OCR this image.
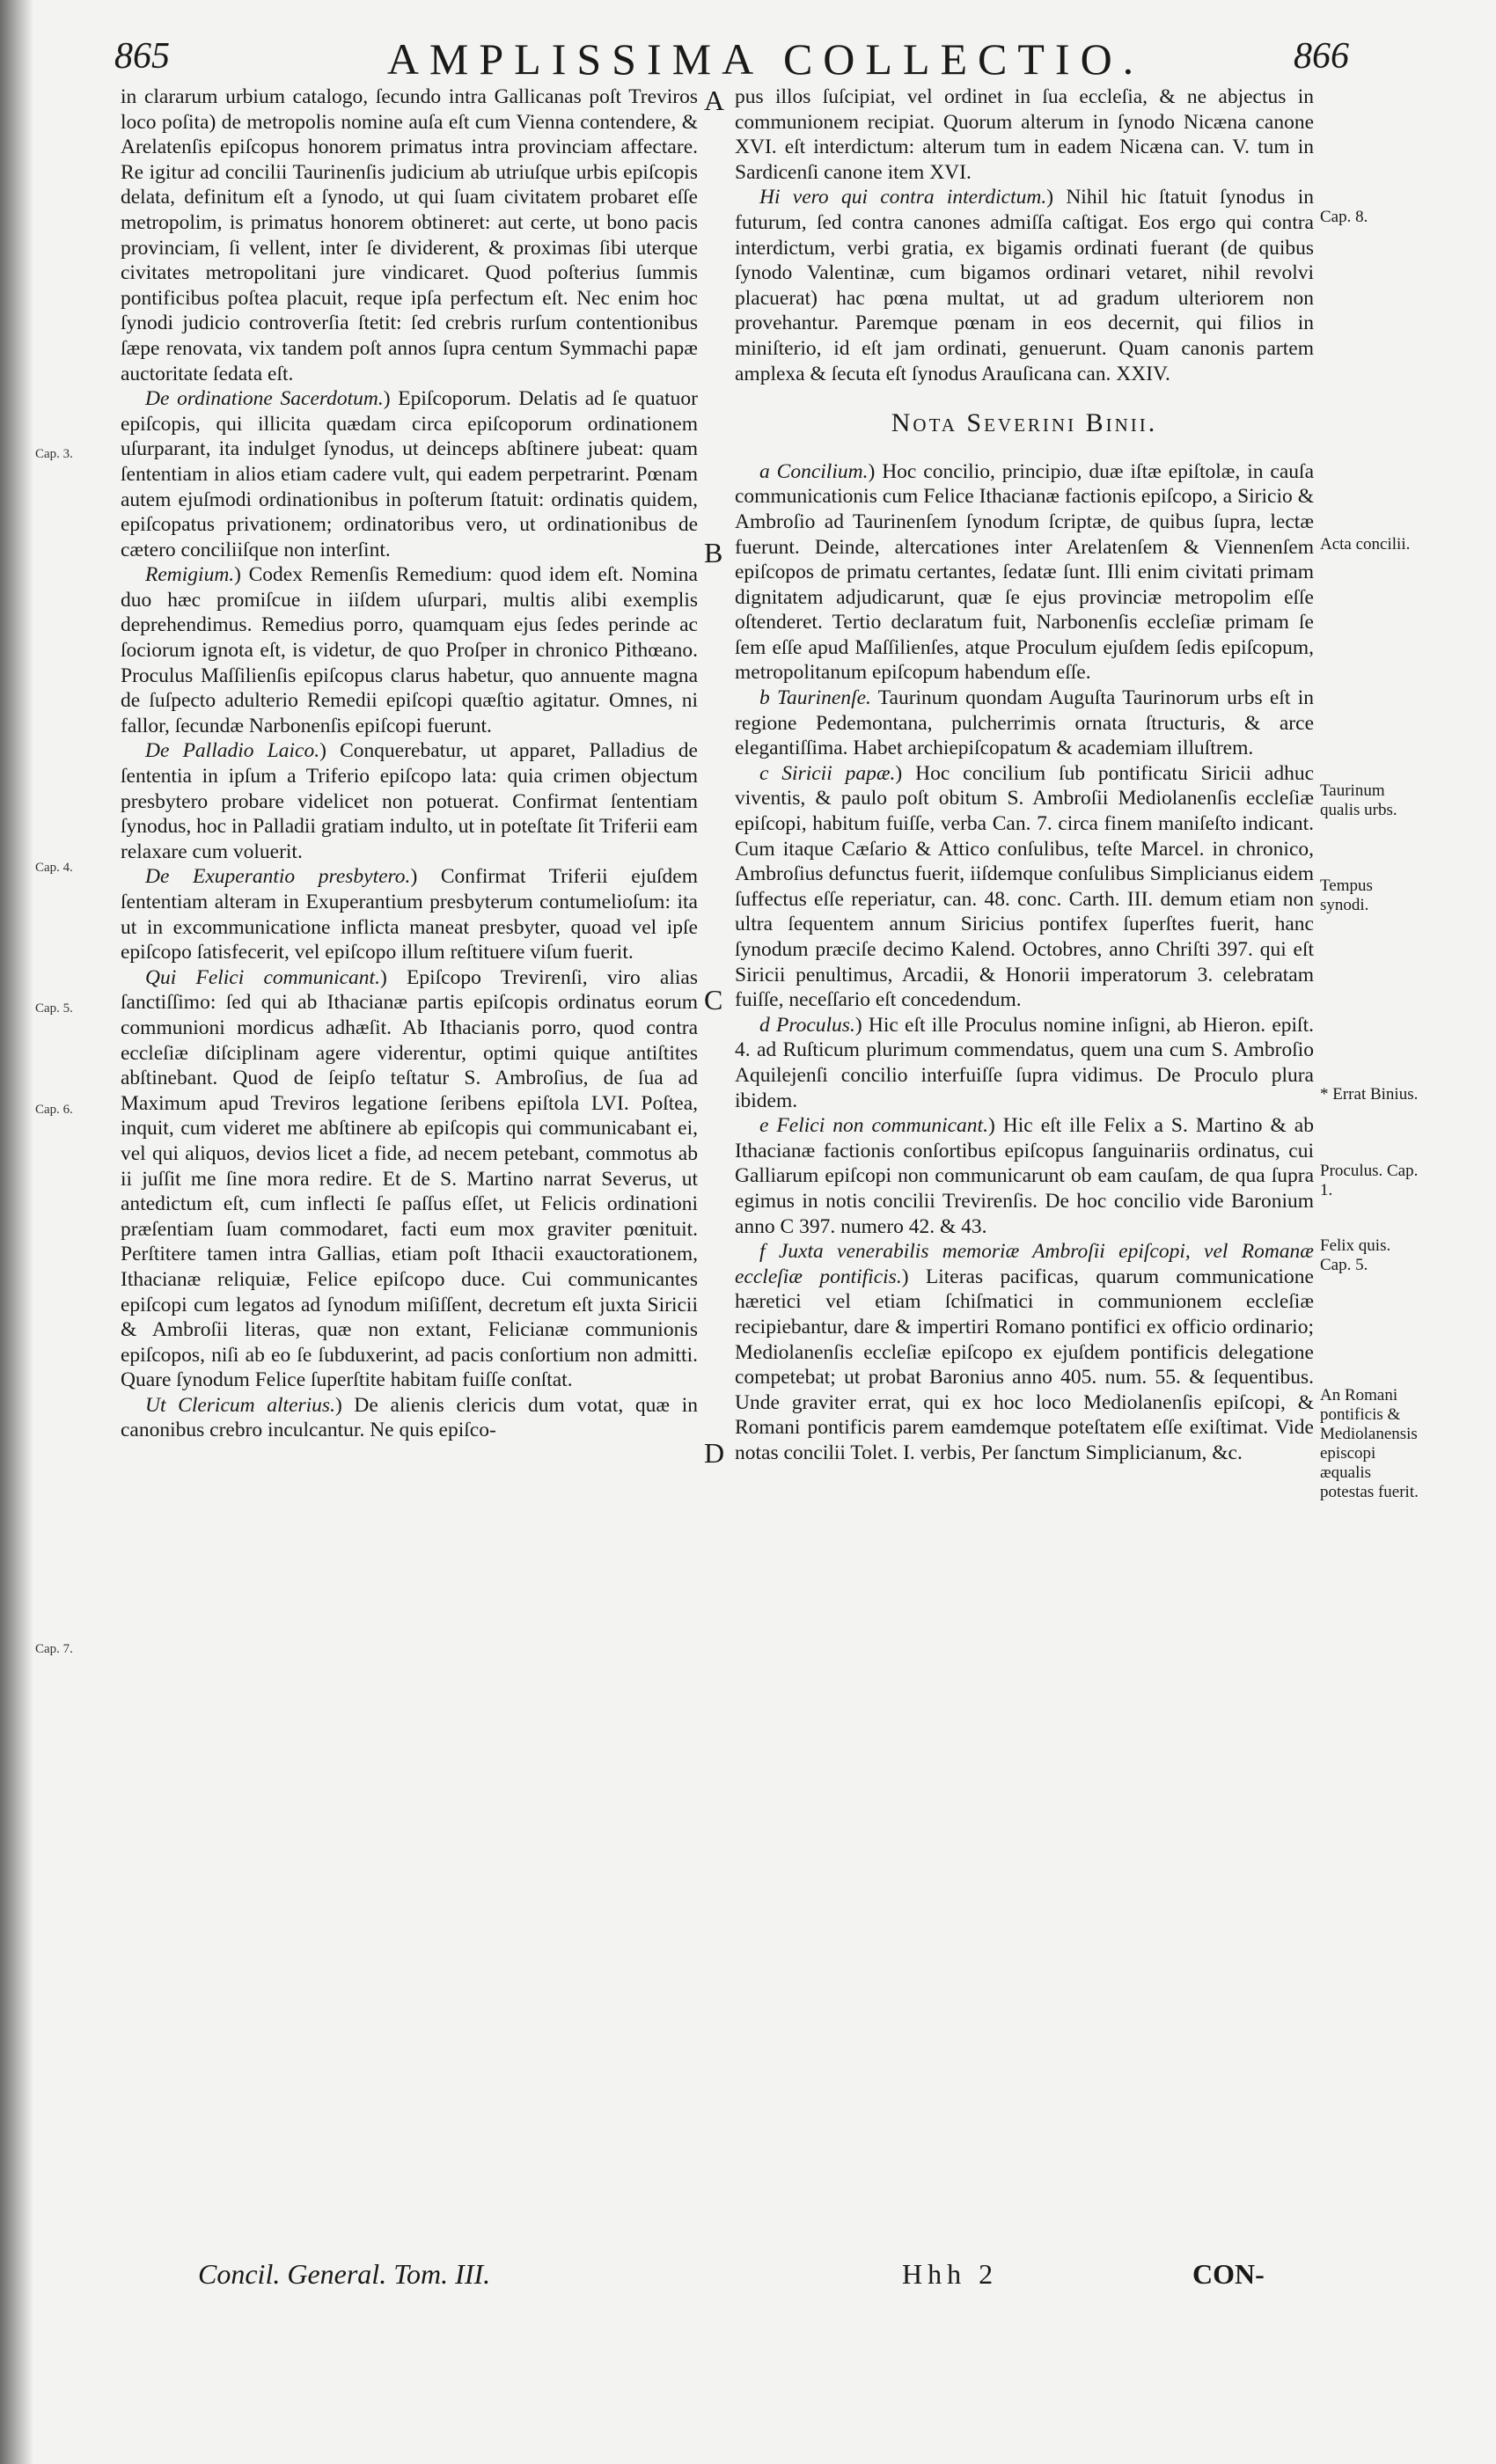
865	AMPLISSIMA COLLECTIO.	866

in clararum urbium catalogo, ſecundo intra Gallicanas poſt Treviros loco poſita) de metropolis nomine auſa eſt cum Vienna contendere, & Arelatenſis epiſcopus honorem primatus intra provinciam affectare. Re igitur ad concilii Taurinenſis judicium ab utriuſque urbis epiſcopis delata, definitum eſt a ſynodo, ut qui ſuam civitatem probaret eſſe metropolim, is primatus honorem obtineret: aut certe, ut bono pacis provinciam, ſi vellent, inter ſe dividerent, & proximas ſibi uterque civitates metropolitani jure vindicaret. Quod poſterius ſummis pontificibus poſtea placuit, reque ipſa perfectum eſt. Nec enim hoc ſynodi judicio controverſia ſtetit: ſed crebris rurſum contentionibus ſæpe renovata, vix tandem poſt annos ſupra centum Symmachi papæ auctoritate ſedata eſt.

De ordinatione Sacerdotum.) Epiſcoporum. Delatis ad ſe quatuor epiſcopis, qui illicita quædam circa epiſcoporum ordinationem uſurparant, ita indulget ſynodus, ut deinceps abſtinere jubeat: quam ſententiam in alios etiam cadere vult, qui eadem perpetrarint. Pœnam autem ejuſmodi ordinationibus in poſterum ſtatuit: ordinatis quidem, epiſcopatus privationem; ordinatoribus vero, ut ordinationibus de cætero conciliiſque non interſint.

Remigium.) Codex Remenſis Remedium: quod idem eſt. Nomina duo hæc promiſcue in iiſdem uſurpari, multis alibi exemplis deprehendimus. Remedius porro, quamquam ejus ſedes perinde ac ſociorum ignota eſt, is videtur, de quo Proſper in chronico Pithœano. Proculus Maſſilienſis epiſcopus clarus habetur, quo annuente magna de ſuſpecto adulterio Remedii epiſcopi quæſtio agitatur. Omnes, ni fallor, ſecundæ Narbonenſis epiſcopi fuerunt.

De Palladio Laico.) Conquerebatur, ut apparet, Palladius de ſententia in ipſum a Triferio epiſcopo lata: quia crimen objectum presbytero probare videlicet non potuerat. Confirmat ſententiam ſynodus, hoc in Palladii gratiam indulto, ut in poteſtate ſit Triferii eam relaxare cum voluerit.

De Exuperantio presbytero.) Confirmat Triferii ejuſdem ſententiam alteram in Exuperantium presbyterum contumelioſum: ita ut in excommunicatione inflicta maneat presbyter, quoad vel ipſe epiſcopo ſatisfecerit, vel epiſcopo illum reſtituere viſum fuerit.

Qui Felici communicant.) Epiſcopo Trevirenſi, viro alias ſanctiſſimo: ſed qui ab Ithacianæ partis epiſcopis ordinatus eorum communioni mordicus adhæſit. Ab Ithacianis porro, quod contra eccleſiæ diſciplinam agere viderentur, optimi quique antiſtites abſtinebant. Quod de ſeipſo teſtatur S. Ambroſius, de ſua ad Maximum apud Treviros legatione ſeribens epiſtola LVI. Poſtea, inquit, cum videret me abſtinere ab epiſcopis qui communicabant ei, vel qui aliquos, devios licet a fide, ad necem petebant, commotus ab ii juſſit me ſine mora redire. Et de S. Martino narrat Severus, ut antedictum eſt, cum inflecti ſe paſſus eſſet, ut Felicis ordinationi præſentiam ſuam commodaret, facti eum mox graviter pœnituit. Perſtitere tamen intra Gallias, etiam poſt Ithacii exauctorationem, Ithacianæ reliquiæ, Felice epiſcopo duce. Cui communicantes epiſcopi cum legatos ad ſynodum miſiſſent, decretum eſt juxta Siricii & Ambroſii literas, quæ non extant, Felicianæ communionis epiſcopos, niſi ab eo ſe ſubduxerint, ad pacis conſortium non admitti. Quare ſynodum Felice ſuperſtite habitam fuiſſe conſtat.

Ut Clericum alterius.) De alienis clericis dum votat, quæ in canonibus crebro inculcantur. Ne quis epiſco-

pus illos ſuſcipiat, vel ordinet in ſua eccleſia, & ne abjectus in communionem recipiat. Quorum alterum in ſynodo Nicæna canone XVI. eſt interdictum: alterum tum in eadem Nicæna can. V. tum in Sardicenſi canone item XVI.

Hi vero qui contra interdictum.) Nihil hic ſtatuit ſynodus in futurum, ſed contra canones admiſſa caſtigat. Eos ergo qui contra interdictum, verbi gratia, ex bigamis ordinati fuerant (de quibus ſynodo Valentinæ, cum bigamos ordinari vetaret, nihil revolvi placuerat) hac pœna multat, ut ad gradum ulteriorem non provehantur. Paremque pœnam in eos decernit, qui filios in miniſterio, id eſt jam ordinati, genuerunt. Quam canonis partem amplexa & ſecuta eſt ſynodus Arauſicana can. XXIV.

Nota Severini Binii.

a Concilium.) Hoc concilio, principio, duæ iſtæ epiſtolæ, in cauſa communicationis cum Felice Ithacianæ factionis epiſcopo, a Siricio & Ambroſio ad Taurinenſem ſynodum ſcriptæ, de quibus ſupra, lectæ fuerunt. Deinde, altercationes inter Arelatenſem & Viennenſem epiſcopos de primatu certantes, ſedatæ ſunt. Illi enim civitati primam dignitatem adjudicarunt, quæ ſe ejus provinciæ metropolim eſſe oſtenderet. Tertio declaratum fuit, Narbonenſis eccleſiæ primam ſe ſem eſſe apud Maſſilienſes, atque Proculum ejuſdem ſedis epiſcopum, metropolitanum epiſcopum habendum eſſe.

b Taurinenſe. Taurinum quondam Auguſta Taurinorum urbs eſt in regione Pedemontana, pulcherrimis ornata ſtructuris, & arce elegantiſſima. Habet archiepiſcopatum & academiam illuſtrem.

c Siricii papæ.) Hoc concilium ſub pontificatu Siricii adhuc viventis, & paulo poſt obitum S. Ambroſii Mediolanenſis eccleſiæ epiſcopi, habitum fuiſſe, verba Can. 7. circa finem maniſeſto indicant. Cum itaque Cæſario & Attico conſulibus, teſte Marcel. in chronico, Ambroſius defunctus fuerit, iiſdemque conſulibus Simplicianus eidem ſuffectus eſſe reperiatur, can. 48. conc. Carth. III. demum etiam non ultra ſequentem annum Siricius pontifex ſuperſtes fuerit, hanc ſynodum præciſe decimo Kalend. Octobres, anno Chriſti 397. qui eſt Siricii penultimus, Arcadii, & Honorii imperatorum 3. celebratam fuiſſe, neceſſario eſt concedendum.

d Proculus.) Hic eſt ille Proculus nomine inſigni, ab Hieron. epiſt. 4. ad Ruſticum plurimum commendatus, quem una cum S. Ambroſio Aquilejenſi concilio interfuiſſe ſupra vidimus. De Proculo plura ibidem.

e Felici non communicant.) Hic eſt ille Felix a S. Martino & ab Ithacianæ factionis conſortibus epiſcopus ſanguinariis ordinatus, cui Galliarum epiſcopi non communicarunt ob eam cauſam, de qua ſupra egimus in notis concilii Trevirenſis. De hoc concilio vide Baronium anno C 397. numero 42. & 43.

f Juxta venerabilis memoriæ Ambroſii epiſcopi, vel Romanæ eccleſiæ pontificis.) Literas pacificas, quarum communicatione hæretici vel etiam ſchiſmatici in communionem eccleſiæ recipiebantur, dare & impertiri Romano pontifici ex officio ordinario; Mediolanenſis eccleſiæ epiſcopo ex ejuſdem pontificis delegatione competebat; ut probat Baronius anno 405. num. 55. & ſequentibus. Unde graviter errat, qui ex hoc loco Mediolanenſis epiſcopi, & Romani pontificis parem eamdemque poteſtatem eſſe exiſtimat. Vide notas concilii Tolet. I. verbis, Per ſanctum Simplicianum, &c.

A
B
C
D
Cap. 3.
Cap. 4.
Cap. 5.
Cap. 6.
Cap. 7.
Cap. 8.
Acta concilii.
Taurinum qualis urbs.
Tempus synodi.
* Errat Binius.
Proculus. Cap. 1.
Felix quis. Cap. 5.
An Romani pontificis & Mediolanensis episcopi æqualis potestas fuerit.
Concil. General. Tom. III.	Hhh 2	CON-
